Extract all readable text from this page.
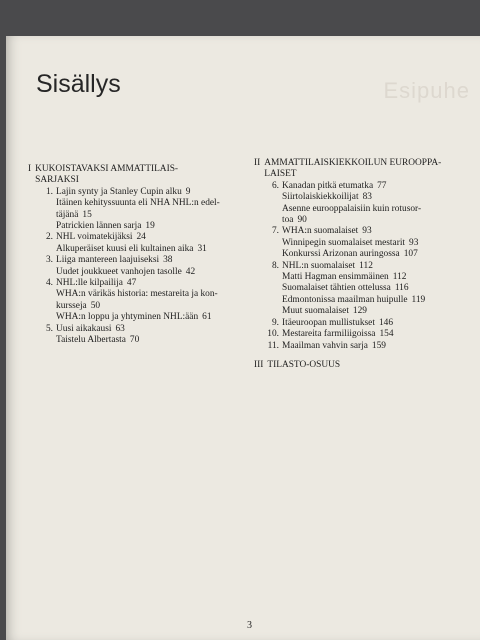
Esipuhe
Sisällys
I KUKOISTAVAKSI AMMATTILAIS-
SARJAKSI
1. Lajin synty ja Stanley Cupin alku 9
Itäinen kehityssuunta eli NHA NHL:n edel-
täjänä 15
Patrickien lännen sarja 19
2. NHL voimatekijäksi 24
Alkuperäiset kuusi eli kultainen aika 31
3. Liiga mantereen laajuiseksi 38
Uudet joukkueet vanhojen tasolle 42
4. NHL:lle kilpailija 47
WHA:n värikäs historia: mestareita ja kon-
kursseja 50
WHA:n loppu ja yhtyminen NHL:ään 61
5. Uusi aikakausi 63
Taistelu Albertasta 70
II AMMATTILAISKIEKKOILUN EUROOPPA-
LAISET
6. Kanadan pitkä etumatka 77
Siirtolaiskiekkoilijat 83
Asenne eurooppalaisiin kuin rotusor-
toa 90
7. WHA:n suomalaiset 93
Winnipegin suomalaiset mestarit 93
Konkurssi Arizonan auringossa 107
8. NHL:n suomalaiset 112
Matti Hagman ensimmäinen 112
Suomalaiset tähtien ottelussa 116
Edmontonissa maailman huipulle 119
Muut suomalaiset 129
9. Itäeuroopan mullistukset 146
10. Mestareita farmiliigoissa 154
11. Maailman vahvin sarja 159
III TILASTO-OSUUS
3
